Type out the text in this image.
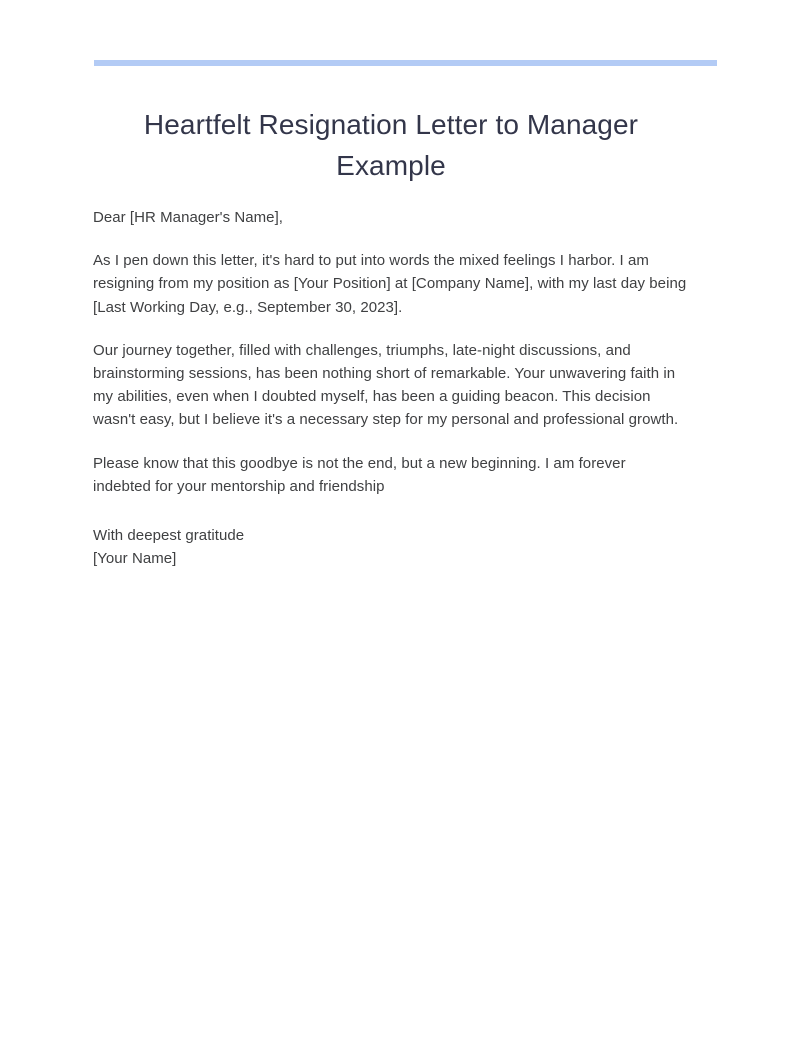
Heartfelt Resignation Letter to Manager Example

Dear [HR Manager's Name],

As I pen down this letter, it's hard to put into words the mixed feelings I harbor. I am resigning from my position as [Your Position] at [Company Name], with my last day being [Last Working Day, e.g., September 30, 2023].

Our journey together, filled with challenges, triumphs, late-night discussions, and brainstorming sessions, has been nothing short of remarkable. Your unwavering faith in my abilities, even when I doubted myself, has been a guiding beacon. This decision wasn't easy, but I believe it's a necessary step for my personal and professional growth.

Please know that this goodbye is not the end, but a new beginning. I am forever indebted for your mentorship and friendship

With deepest gratitude
[Your Name]
